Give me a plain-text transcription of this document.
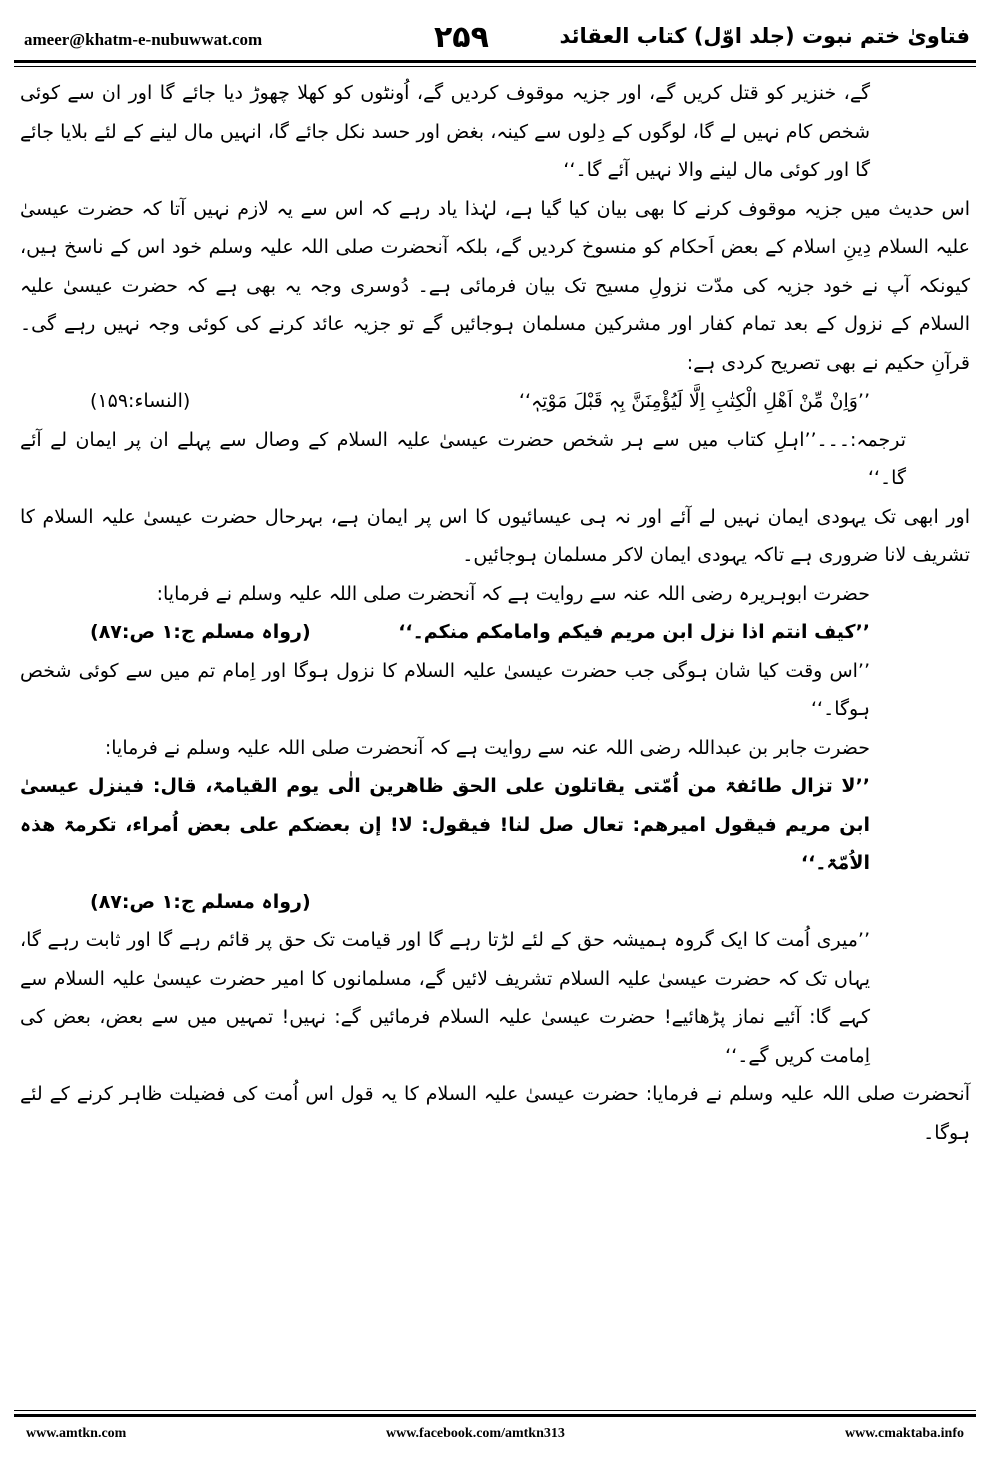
ameer@khatm-e-nubuwwat.com	۲۵۹	فتاویٰ ختم نبوت (جلد اوّل) کتاب العقائد

گے، خنزیر کو قتل کریں گے، اور جزیہ موقوف کردیں گے، اُونٹوں کو کھلا چھوڑ دیا جائے گا اور ان سے کوئی شخص کام نہیں لے گا، لوگوں کے دِلوں سے کینہ، بغض اور حسد نکل جائے گا، انہیں مال لینے کے لئے بلایا جائے گا اور کوئی مال لینے والا نہیں آئے گا۔‘‘

اس حدیث میں جزیہ موقوف کرنے کا بھی بیان کیا گیا ہے، لہٰذا یاد رہے کہ اس سے یہ لازم نہیں آتا کہ حضرت عیسیٰ علیہ السلام دِینِ اسلام کے بعض اَحکام کو منسوخ کردیں گے، بلکہ آنحضرت صلی اللہ علیہ وسلم خود اس کے ناسخ ہیں، کیونکہ آپ نے خود جزیہ کی مدّت نزولِ مسیح تک بیان فرمائی ہے۔ دُوسری وجہ یہ بھی ہے کہ حضرت عیسیٰ علیہ السلام کے نزول کے بعد تمام کفار اور مشرکین مسلمان ہوجائیں گے تو جزیہ عائد کرنے کی کوئی وجہ نہیں رہے گی۔ قرآنِ حکیم نے بھی تصریح کردی ہے:

’’وَاِنْ مِّنْ اَھْلِ الْکِتٰبِ اِلَّا لَیُؤْمِنَنَّ بِہٖ قَبْلَ مَوْتِہٖ‘‘
(النساء:۱۵۹)

ترجمہ:۔۔۔’’اہلِ کتاب میں سے ہر شخص حضرت عیسیٰ علیہ السلام کے وصال سے پہلے ان پر ایمان لے آئے گا۔‘‘

اور ابھی تک یہودی ایمان نہیں لے آئے اور نہ ہی عیسائیوں کا اس پر ایمان ہے، بہرحال حضرت عیسیٰ علیہ السلام کا تشریف لانا ضروری ہے تاکہ یہودی ایمان لاکر مسلمان ہوجائیں۔

حضرت ابوہریرہ رضی اللہ عنہ سے روایت ہے کہ آنحضرت صلی اللہ علیہ وسلم نے فرمایا:

’’کیف انتم اذا نزل ابن مریم فیکم وامامکم منکم۔‘‘
(رواہ مسلم ج:۱ ص:۸۷)

’’اس وقت کیا شان ہوگی جب حضرت عیسیٰ علیہ السلام کا نزول ہوگا اور اِمام تم میں سے کوئی شخص ہوگا۔‘‘

حضرت جابر بن عبداللہ رضی اللہ عنہ سے روایت ہے کہ آنحضرت صلی اللہ علیہ وسلم نے فرمایا:

’’لا تزال طائفۃ من اُمّتی یقاتلون علی الحق ظاھرین الٰی یوم القیامۃ، قال: فینزل عیسیٰ ابن مریم فیقول امیرھم: تعال صل لنا! فیقول: لا! إن بعضکم علی بعض اُمراء، تکرمۃ ھذہ الاُمّۃ۔‘‘

(رواہ مسلم ج:۱ ص:۸۷)

’’میری اُمت کا ایک گروہ ہمیشہ حق کے لئے لڑتا رہے گا اور قیامت تک حق پر قائم رہے گا اور ثابت رہے گا، یہاں تک کہ حضرت عیسیٰ علیہ السلام تشریف لائیں گے، مسلمانوں کا امیر حضرت عیسیٰ علیہ السلام سے کہے گا: آئیے نماز پڑھائیے! حضرت عیسیٰ علیہ السلام فرمائیں گے: نہیں! تمہیں میں سے بعض، بعض کی اِمامت کریں گے۔‘‘

آنحضرت صلی اللہ علیہ وسلم نے فرمایا: حضرت عیسیٰ علیہ السلام کا یہ قول اس اُمت کی فضیلت ظاہر کرنے کے لئے ہوگا۔

www.amtkn.com	www.facebook.com/amtkn313	www.cmaktaba.info
